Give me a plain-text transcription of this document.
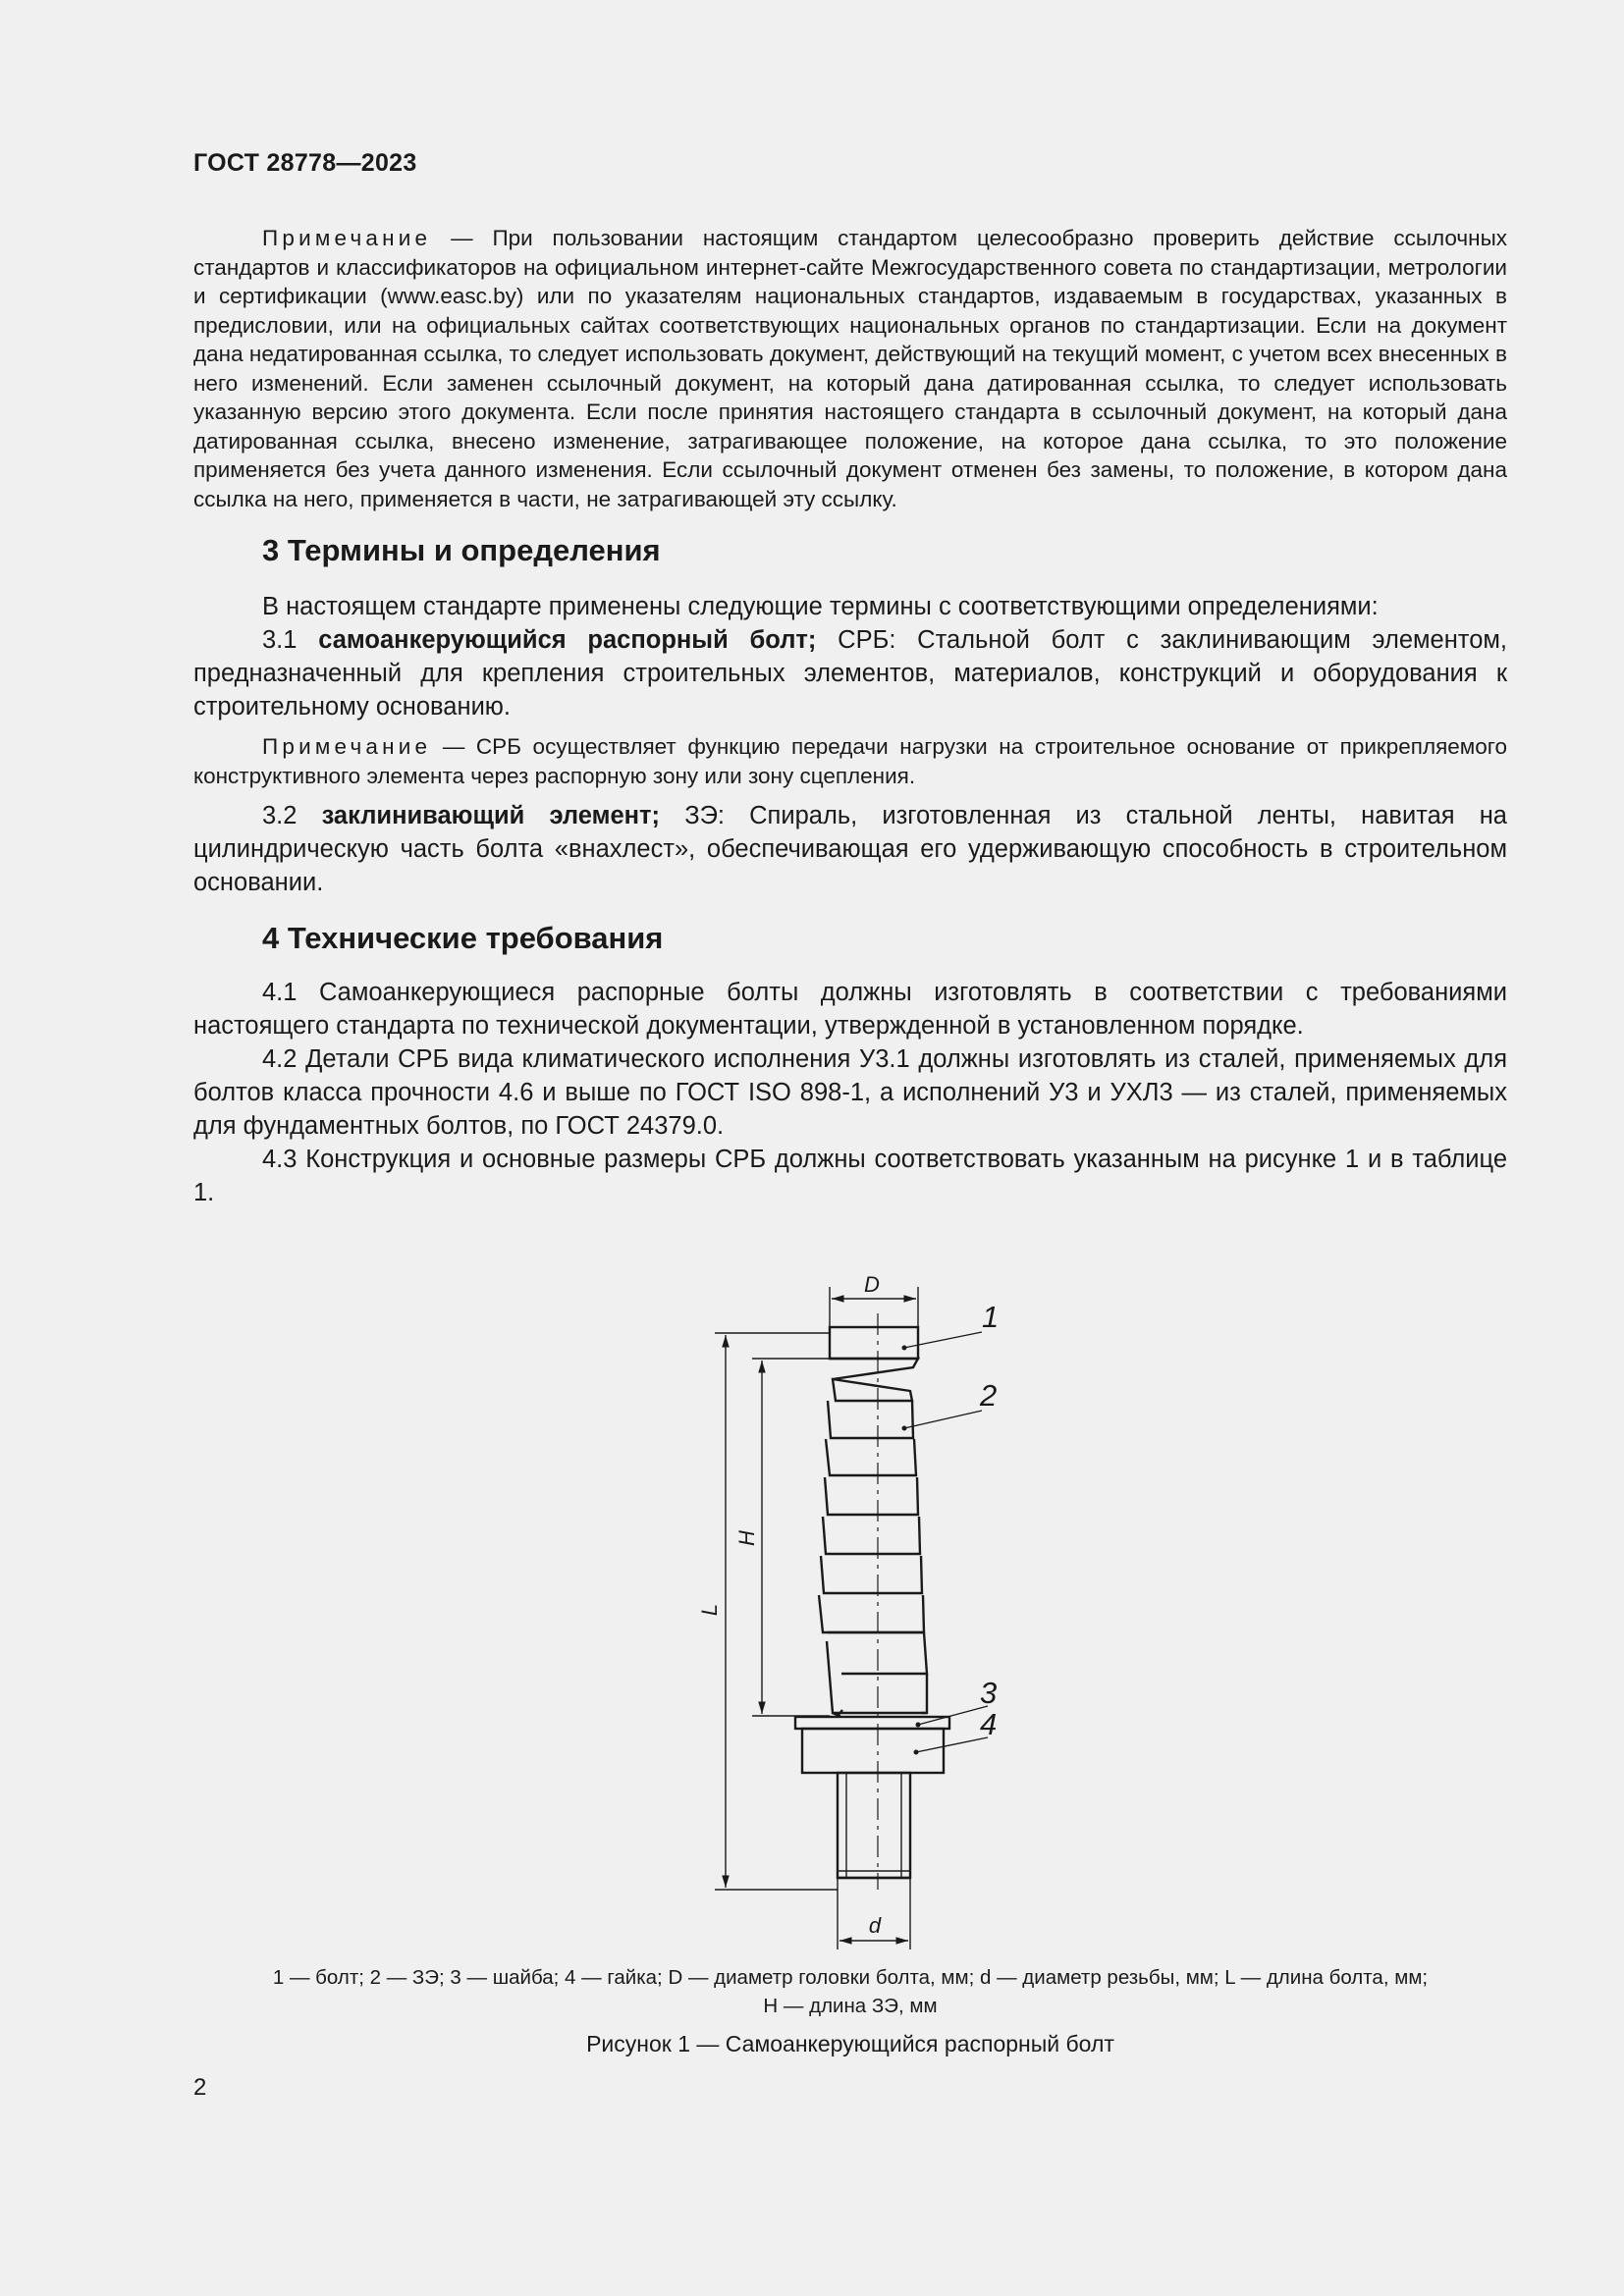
ГОСТ 28778—2023

Примечание — При пользовании настоящим стандартом целесообразно проверить действие ссылочных стандартов и классификаторов на официальном интернет-сайте Межгосударственного совета по стандартизации, метрологии и сертификации (www.easc.by) или по указателям национальных стандартов, издаваемым в государствах, указанных в предисловии, или на официальных сайтах соответствующих национальных органов по стандартизации. Если на документ дана недатированная ссылка, то следует использовать документ, действующий на текущий момент, с учетом всех внесенных в него изменений. Если заменен ссылочный документ, на который дана датированная ссылка, то следует использовать указанную версию этого документа. Если после принятия настоящего стандарта в ссылочный документ, на который дана датированная ссылка, внесено изменение, затрагивающее положение, на которое дана ссылка, то это положение применяется без учета данного изменения. Если ссылочный документ отменен без замены, то положение, в котором дана ссылка на него, применяется в части, не затрагивающей эту ссылку.

3 Термины и определения

В настоящем стандарте применены следующие термины с соответствующими определениями:

3.1 самоанкерующийся распорный болт; СРБ: Стальной болт с заклинивающим элементом, предназначенный для крепления строительных элементов, материалов, конструкций и оборудования к строительному основанию.

Примечание — СРБ осуществляет функцию передачи нагрузки на строительное основание от прикрепляемого конструктивного элемента через распорную зону или зону сцепления.

3.2 заклинивающий элемент; ЗЭ: Спираль, изготовленная из стальной ленты, навитая на цилиндрическую часть болта «внахлест», обеспечивающая его удерживающую способность в строительном основании.

4 Технические требования

4.1 Самоанкерующиеся распорные болты должны изготовлять в соответствии с требованиями настоящего стандарта по технической документации, утвержденной в установленном порядке.

4.2 Детали СРБ вида климатического исполнения У3.1 должны изготовлять из сталей, применяемых для болтов класса прочности 4.6 и выше по ГОСТ ISO 898-1, а исполнений У3 и УХЛ3 — из сталей, применяемых для фундаментных болтов, по ГОСТ 24379.0.

4.3 Конструкция и основные размеры СРБ должны соответствовать указанным на рисунке 1 и в таблице 1.

D
d
L
H
1
2
3
4
1 — болт; 2 — ЗЭ; 3 — шайба; 4 — гайка; D — диаметр головки болта, мм; d — диаметр резьбы, мм; L — длина болта, мм;
H — длина ЗЭ, мм
Рисунок 1 — Самоанкерующийся распорный болт
2
